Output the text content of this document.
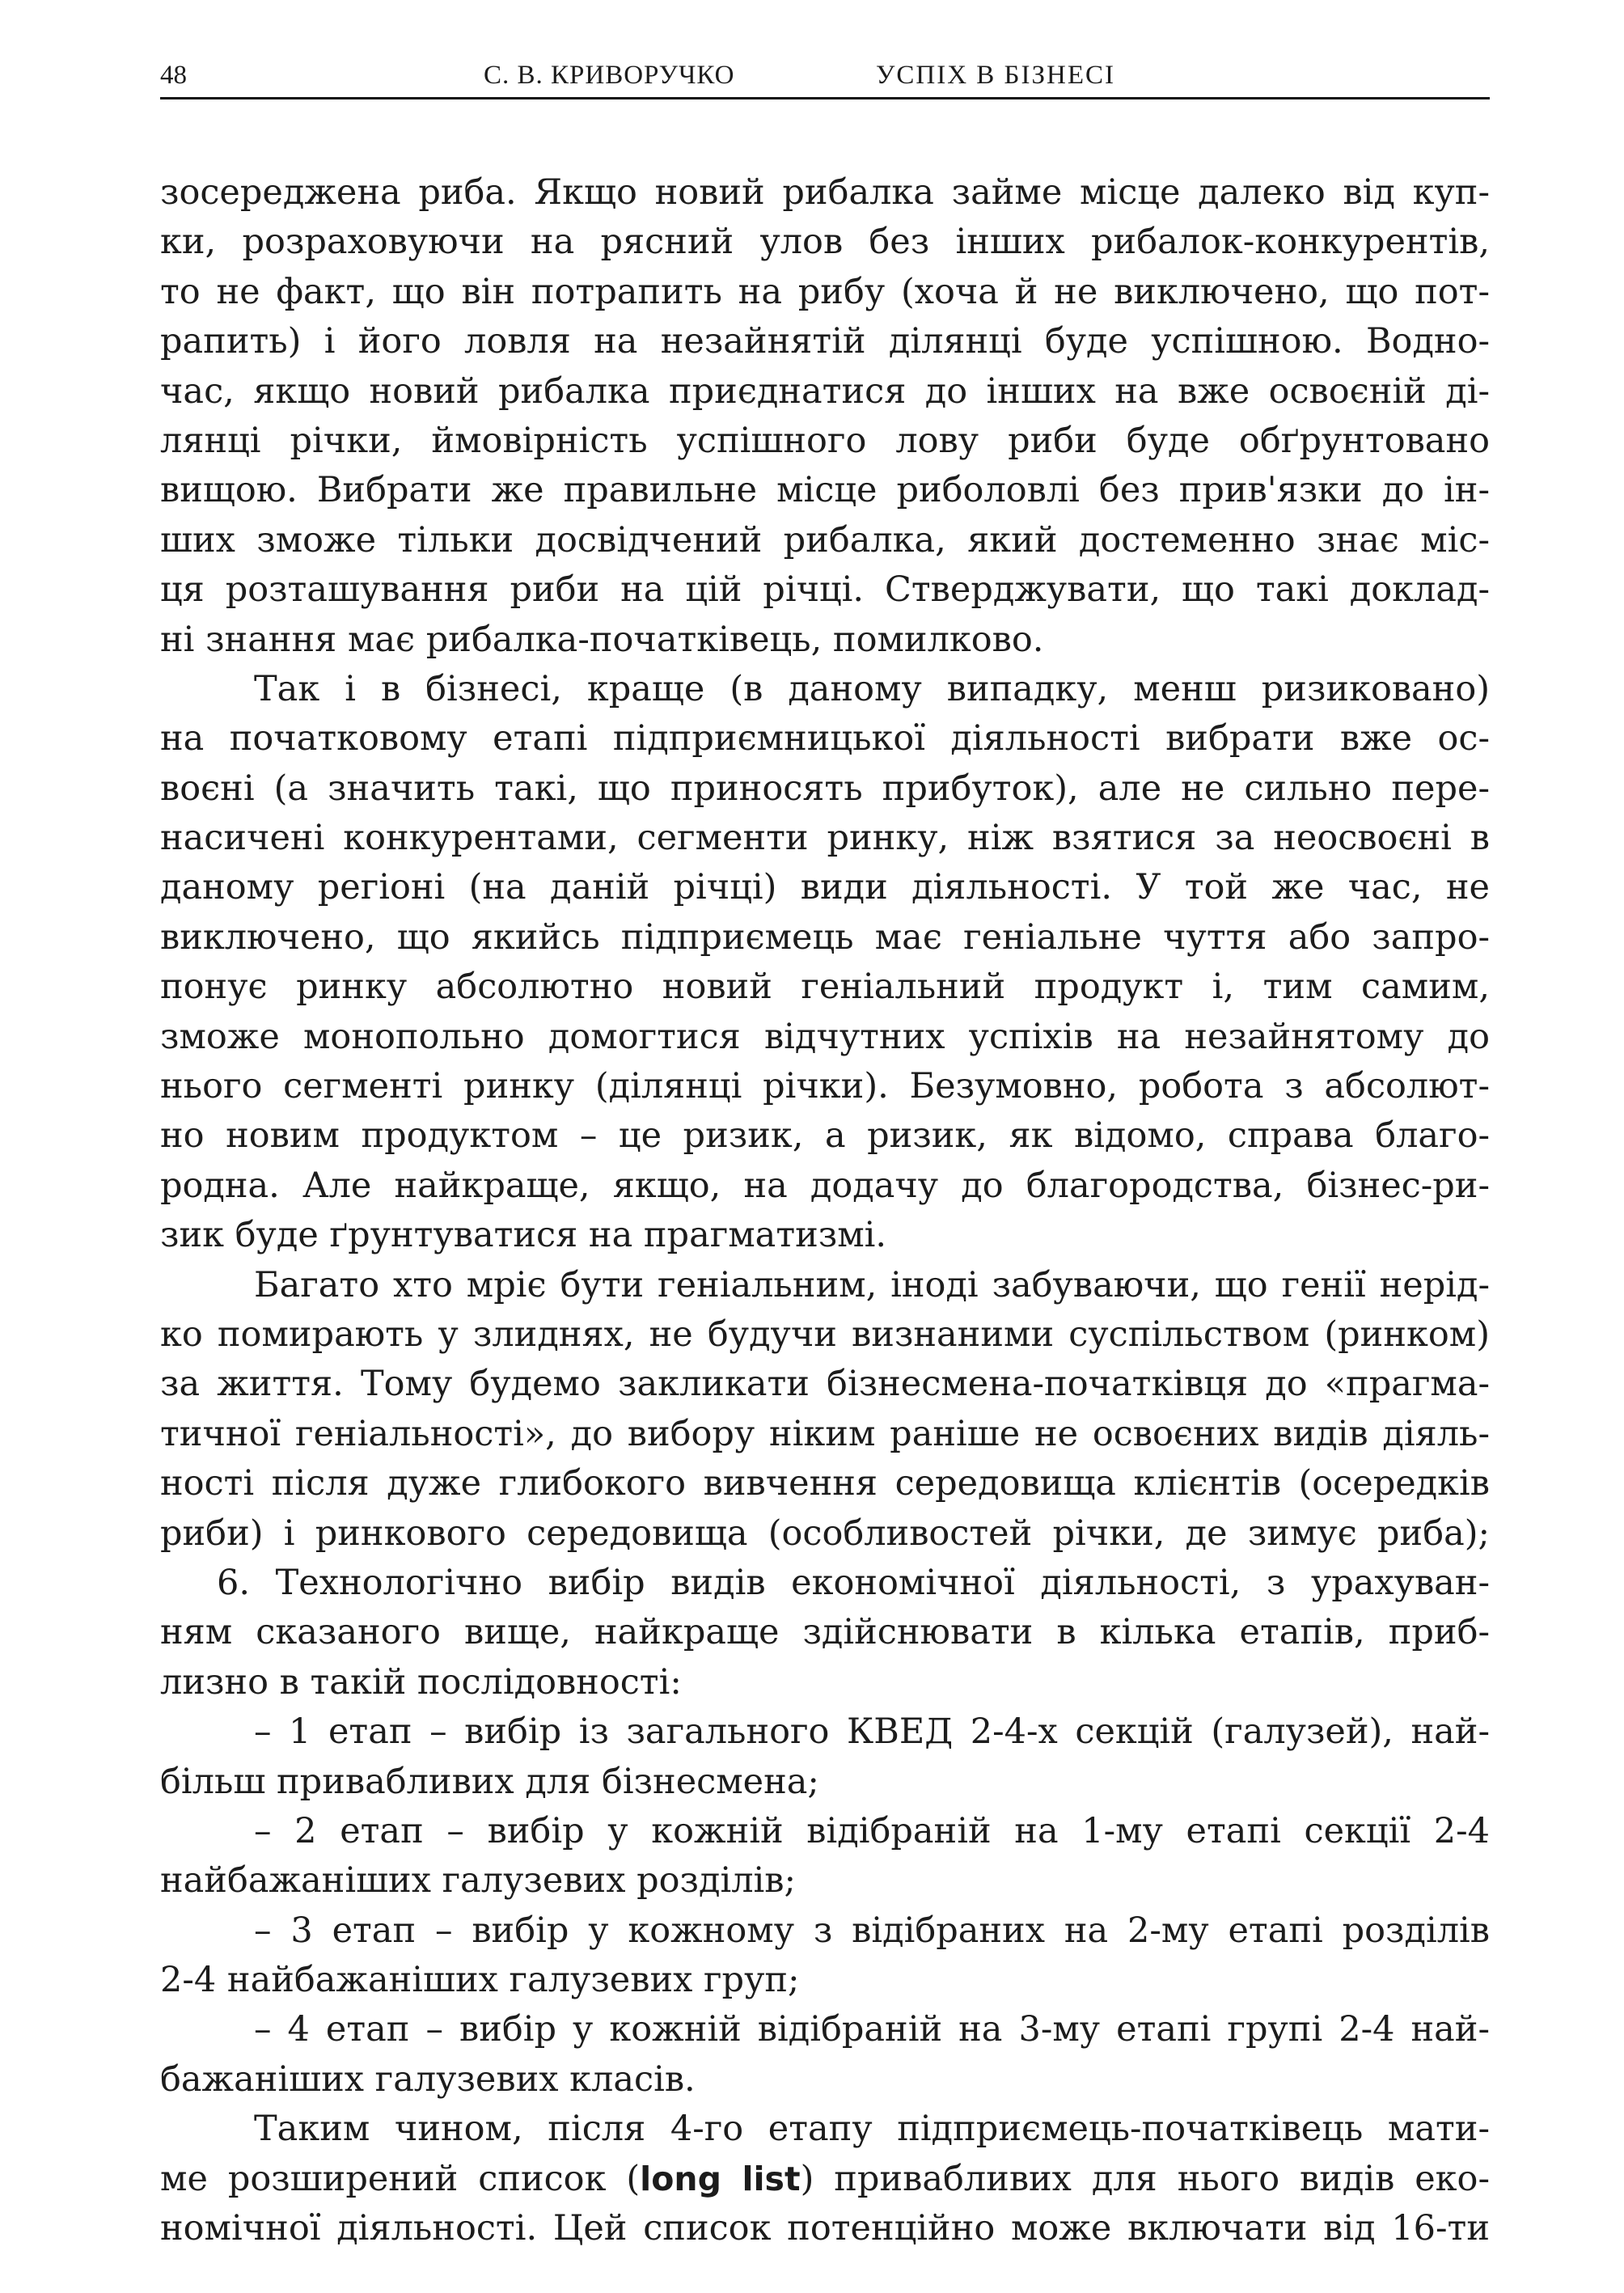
48	С. В. КРИВОРУЧКО	УСПІХ В БІЗНЕСІ
зосереджена риба. Якщо новий рибалка займе місце далеко від куп-
ки, розраховуючи на рясний улов без інших рибалок-конкурентів,
то не факт, що він потрапить на рибу (хоча й не виключено, що пот-
рапить) і його ловля на незайнятій ділянці буде успішною. Водно-
час, якщо новий рибалка приєднатися до інших на вже освоєній ді-
лянці річки, ймовірність успішного лову риби буде обґрунтовано
вищою. Вибрати же правильне місце риболовлі без прив'язки до ін-
ших зможе тільки досвідчений рибалка, який достеменно знає міс-
ця розташування риби на цій річці. Стверджувати, що такі доклад-
ні знання має рибалка-початківець, помилково.
Так і в бізнесі, краще (в даному випадку, менш ризиковано)
на початковому етапі підприємницької діяльності вибрати вже ос-
воєні (а значить такі, що приносять прибуток), але не сильно пере-
насичені конкурентами, сегменти ринку, ніж взятися за неосвоєні в
даному регіоні (на даній річці) види діяльності. У той же час, не
виключено, що якийсь підприємець має геніальне чуття або запро-
понує ринку абсолютно новий геніальний продукт і, тим самим,
зможе монопольно домогтися відчутних успіхів на незайнятому до
нього сегменті ринку (ділянці річки). Безумовно, робота з абсолют-
но новим продуктом – це ризик, а ризик, як відомо, справа благо-
родна. Але найкраще, якщо, на додачу до благородства, бізнес-ри-
зик буде ґрунтуватися на прагматизмі.
Багато хто мріє бути геніальним, іноді забуваючи, що генії нерід-
ко помирають у злиднях, не будучи визнаними суспільством (ринком)
за життя. Тому будемо закликати бізнесмена-початківця до «прагма-
тичної геніальності», до вибору ніким раніше не освоєних видів діяль-
ності після дуже глибокого вивчення середовища клієнтів (осередків
риби) і ринкового середовища (особливостей річки, де зимує риба);
6. Технологічно вибір видів економічної діяльності, з урахуван-
ням сказаного вище, найкраще здійснювати в кілька етапів, приб-
лизно в такій послідовності:
– 1 етап – вибір із загального КВЕД 2-4-х секцій (галузей), най-
більш привабливих для бізнесмена;
– 2 етап – вибір у кожній відібраній на 1-му етапі секції 2-4
найбажаніших галузевих розділів;
– 3 етап – вибір у кожному з відібраних на 2-му етапі розділів
2-4 найбажаніших галузевих груп;
– 4 етап – вибір у кожній відібраній на 3-му етапі групі 2-4 най-
бажаніших галузевих класів.
Таким чином, після 4-го етапу підприємець-початківець мати-
ме розширений список (long list) привабливих для нього видів еко-
номічної діяльності. Цей список потенційно може включати від 16-ти
